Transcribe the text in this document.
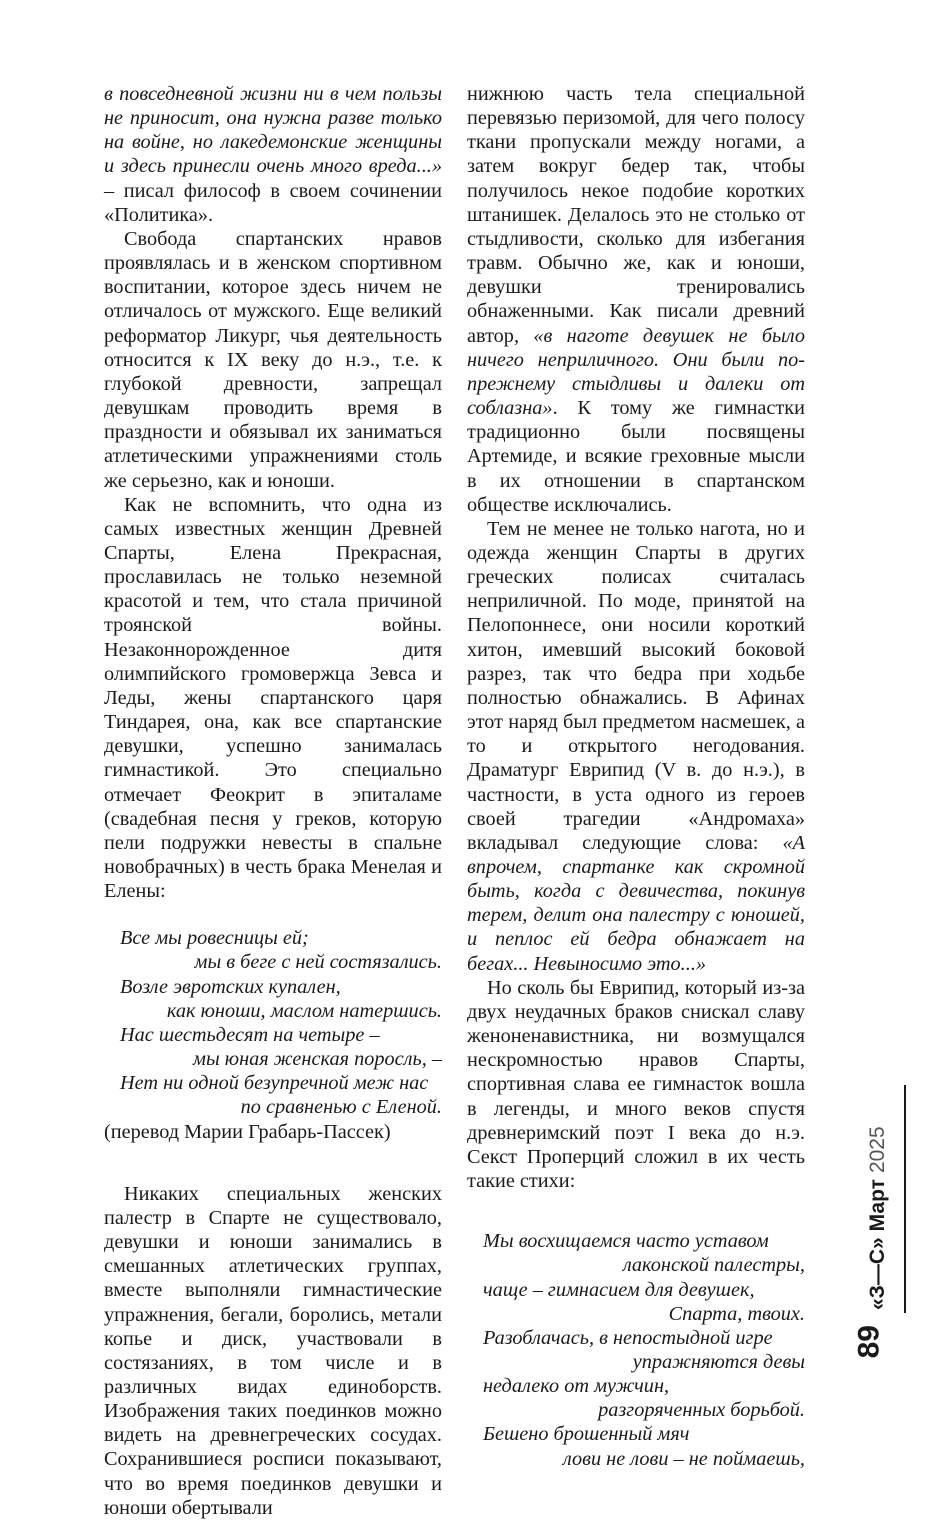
в повседневной жизни ни в чем пользы не приносит, она нужна разве только на войне, но лакедемонские женщины и здесь принесли очень много вреда...» – писал философ в своем сочинении «Политика».

Свобода спартанских нравов проявлялась и в женском спортивном воспитании, которое здесь ничем не отличалось от мужского. Еще великий реформатор Ликург, чья деятельность относится к IX веку до н.э., т.е. к глубокой древности, запрещал девушкам проводить время в праздности и обязывал их заниматься атлетическими упражнениями столь же серьезно, как и юноши.

Как не вспомнить, что одна из самых известных женщин Древней Спарты, Елена Прекрасная, прославилась не только неземной красотой и тем, что стала причиной троянской войны. Незаконнорожденное дитя олимпийского громовержца Зевса и Леды, жены спартанского царя Тиндарея, она, как все спартанские девушки, успешно занималась гимнастикой. Это специально отмечает Феокрит в эпиталаме (свадебная песня у греков, которую пели подружки невесты в спальне новобрачных) в честь брака Менелая и Елены:

Все мы ровесницы ей;
мы в беге с ней состязались.
Возле эвротских купален,
как юноши, маслом натершись.
Нас шестьдесят на четыре –
мы юная женская поросль, –
Нет ни одной безупречной меж нас
по сравненью с Еленой.

(перевод Марии Грабарь-Пассек)

Никаких специальных женских палестр в Спарте не существовало, девушки и юноши занимались в смешанных атлетических группах, вместе выполняли гимнастические упражнения, бегали, боролись, метали копье и диск, участвовали в состязаниях, в том числе и в различных видах единоборств. Изображения таких поединков можно видеть на древнегреческих сосудах. Сохранившиеся росписи показывают, что во время поединков девушки и юноши обертывали

нижнюю часть тела специальной перевязью перизомой, для чего полосу ткани пропускали между ногами, а затем вокруг бедер так, чтобы получилось некое подобие коротких штанишек. Делалось это не столько от стыдливости, сколько для избегания травм. Обычно же, как и юноши, девушки тренировались обнаженными. Как писали древний автор, «в наготе девушек не было ничего неприличного. Они были по-прежнему стыдливы и далеки от соблазна». К тому же гимнастки традиционно были посвящены Артемиде, и всякие греховные мысли в их отношении в спартанском обществе исключались.

Тем не менее не только нагота, но и одежда женщин Спарты в других греческих полисах считалась неприличной. По моде, принятой на Пелопоннесе, они носили короткий хитон, имевший высокий боковой разрез, так что бедра при ходьбе полностью обнажались. В Афинах этот наряд был предметом насмешек, а то и открытого негодования. Драматург Еврипид (V в. до н.э.), в частности, в уста одного из героев своей трагедии «Андромаха» вкладывал следующие слова: «А впрочем, спартанке как скромной быть, когда с девичества, покинув терем, делит она палестру с юношей, и пеплос ей бедра обнажает на бегах... Невыносимо это...»

Но сколь бы Еврипид, который из-за двух неудачных браков снискал славу женоненавистника, ни возмущался нескромностью нравов Спарты, спортивная слава ее гимнасток вошла в легенды, и много веков спустя древнеримский поэт I века до н.э. Секст Проперций сложил в их честь такие стихи:

Мы восхищаемся часто уставом
лаконской палестры,
чаще – гимнасием для девушек,
Спарта, твоих.
Разоблачась, в непостыдной игре
упражняются девы
недалеко от мужчин,
разгоряченных борьбой.
Бешено брошенный мяч
лови не лови – не поймаешь,
«З—С»Март2025
89
